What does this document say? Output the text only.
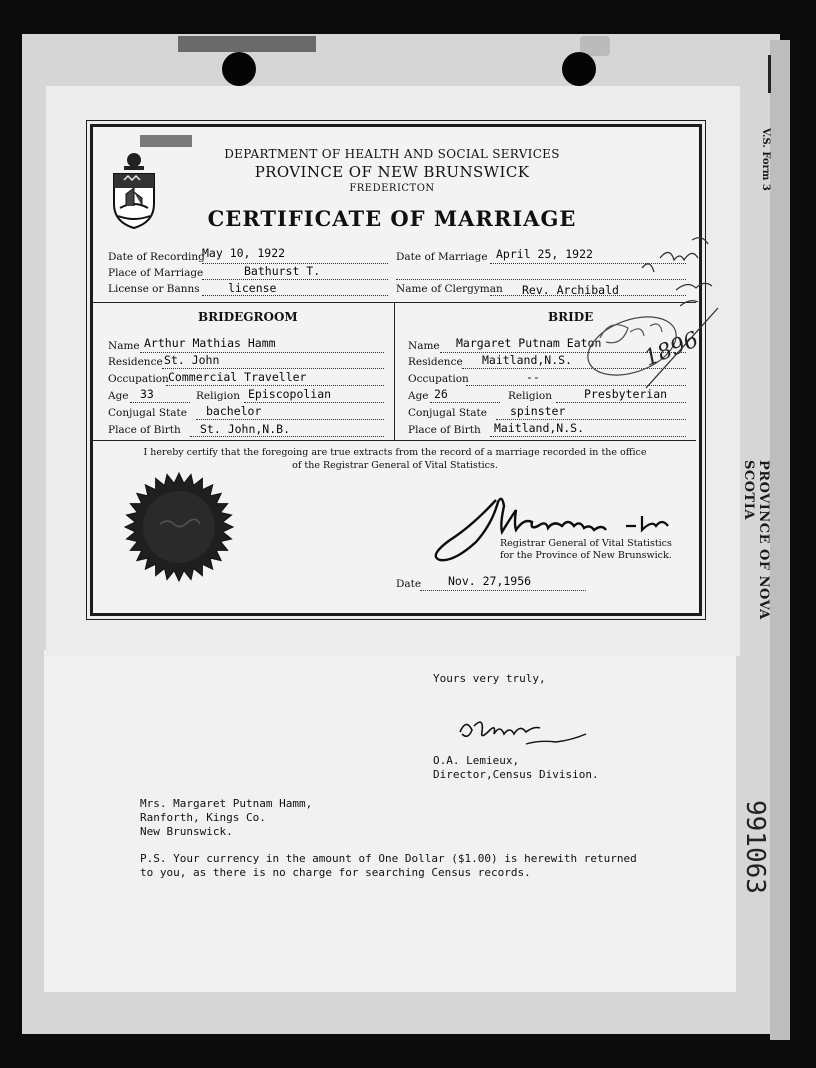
V.S. Form 3
PROVINCE OF NOVA SCOTIA
991063
Yours very truly,
O.A. Lemieux,
Director,Census Division.
Mrs. Margaret Putnam Hamm,
Ranforth, Kings Co.
New Brunswick.
P.S. Your currency in the amount of One Dollar ($1.00) is herewith returned
to you, as there is no charge for searching Census records.
DEPARTMENT OF HEALTH AND SOCIAL SERVICES
PROVINCE OF NEW BRUNSWICK
FREDERICTON
CERTIFICATE OF MARRIAGE
Date of Recording
May 10, 1922
Place of Marriage	Bathurst T.
License or Banns license
Date of Marriage April 25, 1922
Name of Clergyman Rev. Archibald
BRIDEGROOM	BRIDE
Name Arthur Mathias Hamm
Residence St. John
Occupation Commercial Traveller
Age 33	Religion Episcopolian
Conjugal State bachelor
Place of Birth St. John,N.B.
Name Margaret Putnam Eaton
Residence Maitland,N.S.
Occupation	--
Age 26	Religion	Presbyterian
Conjugal State spinster
Place of Birth Maitland,N.S.
1896
I hereby certify that the foregoing are true extracts from the record of a marriage recorded in the office
of the Registrar General of Vital Statistics.
Registrar General of Vital Statistics
for the Province of New Brunswick.
Date Nov. 27,1956
